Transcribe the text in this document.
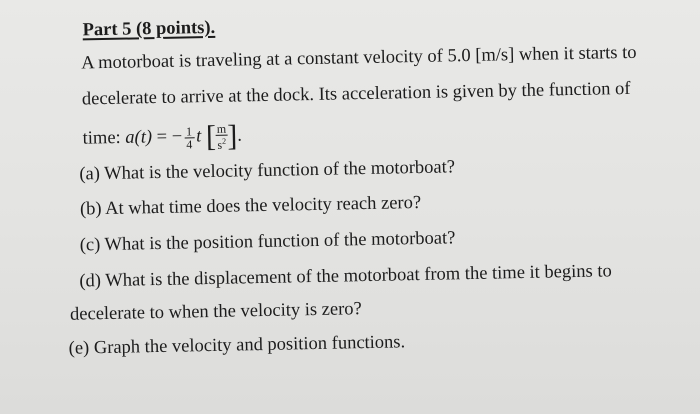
Part 5 (8 points).
A motorboat is traveling at a constant velocity of 5.0 [m/s] when it starts to
decelerate to arrive at the dock. Its acceleration is given by the function of
time: a(t) = − $\frac{1}{4}$ t [ $\frac{m}{s^2}$ ].
(a) What is the velocity function of the motorboat?
(b) At what time does the velocity reach zero?
(c) What is the position function of the motorboat?
(d) What is the displacement of the motorboat from the time it begins to
decelerate to when the velocity is zero?
(e) Graph the velocity and position functions.
